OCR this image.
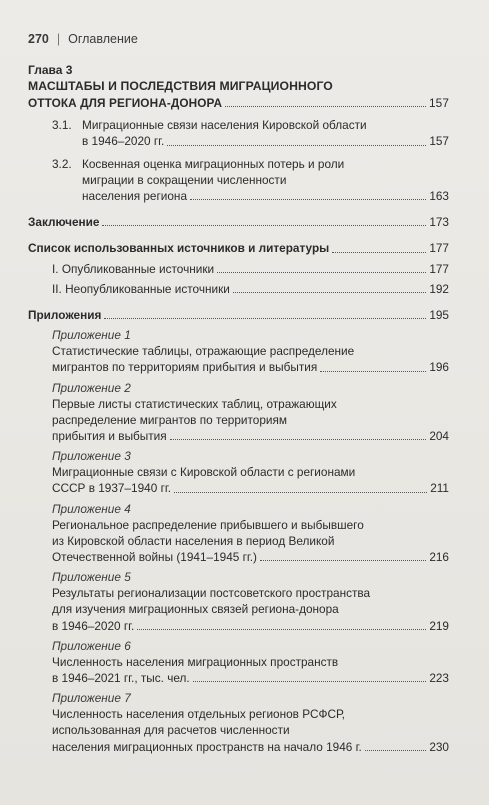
270 | Оглавление
Глава 3
МАСШТАБЫ И ПОСЛЕДСТВИЯ МИГРАЦИОННОГО
ОТТОКА ДЛЯ РЕГИОНА-ДОНОРА	157
3.1. Миграционные связи населения Кировской области
в 1946–2020 гг.	157
3.2. Косвенная оценка миграционных потерь и роли
миграции в сокращении численности
населения региона	163
Заключение	173
Список использованных источников и литературы	177
I. Опубликованные источники	177
II. Неопубликованные источники	192
Приложения	195
Приложение 1
Статистические таблицы, отражающие распределение
мигрантов по территориям прибытия и выбытия	196
Приложение 2
Первые листы статистических таблиц, отражающих
распределение мигрантов по территориям
прибытия и выбытия	204
Приложение 3
Миграционные связи с Кировской области с регионами
СССР в 1937–1940 гг.	211
Приложение 4
Региональное распределение прибывшего и выбывшего
из Кировской области населения в период Великой
Отечественной войны (1941–1945 гг.)	216
Приложение 5
Результаты регионализации постсоветского пространства
для изучения миграционных связей региона-донора
в 1946–2020 гг.	219
Приложение 6
Численность населения миграционных пространств
в 1946–2021 гг., тыс. чел.	223
Приложение 7
Численность населения отдельных регионов РСФСР,
использованная для расчетов численности
населения миграционных пространств на начало 1946 г.	230
